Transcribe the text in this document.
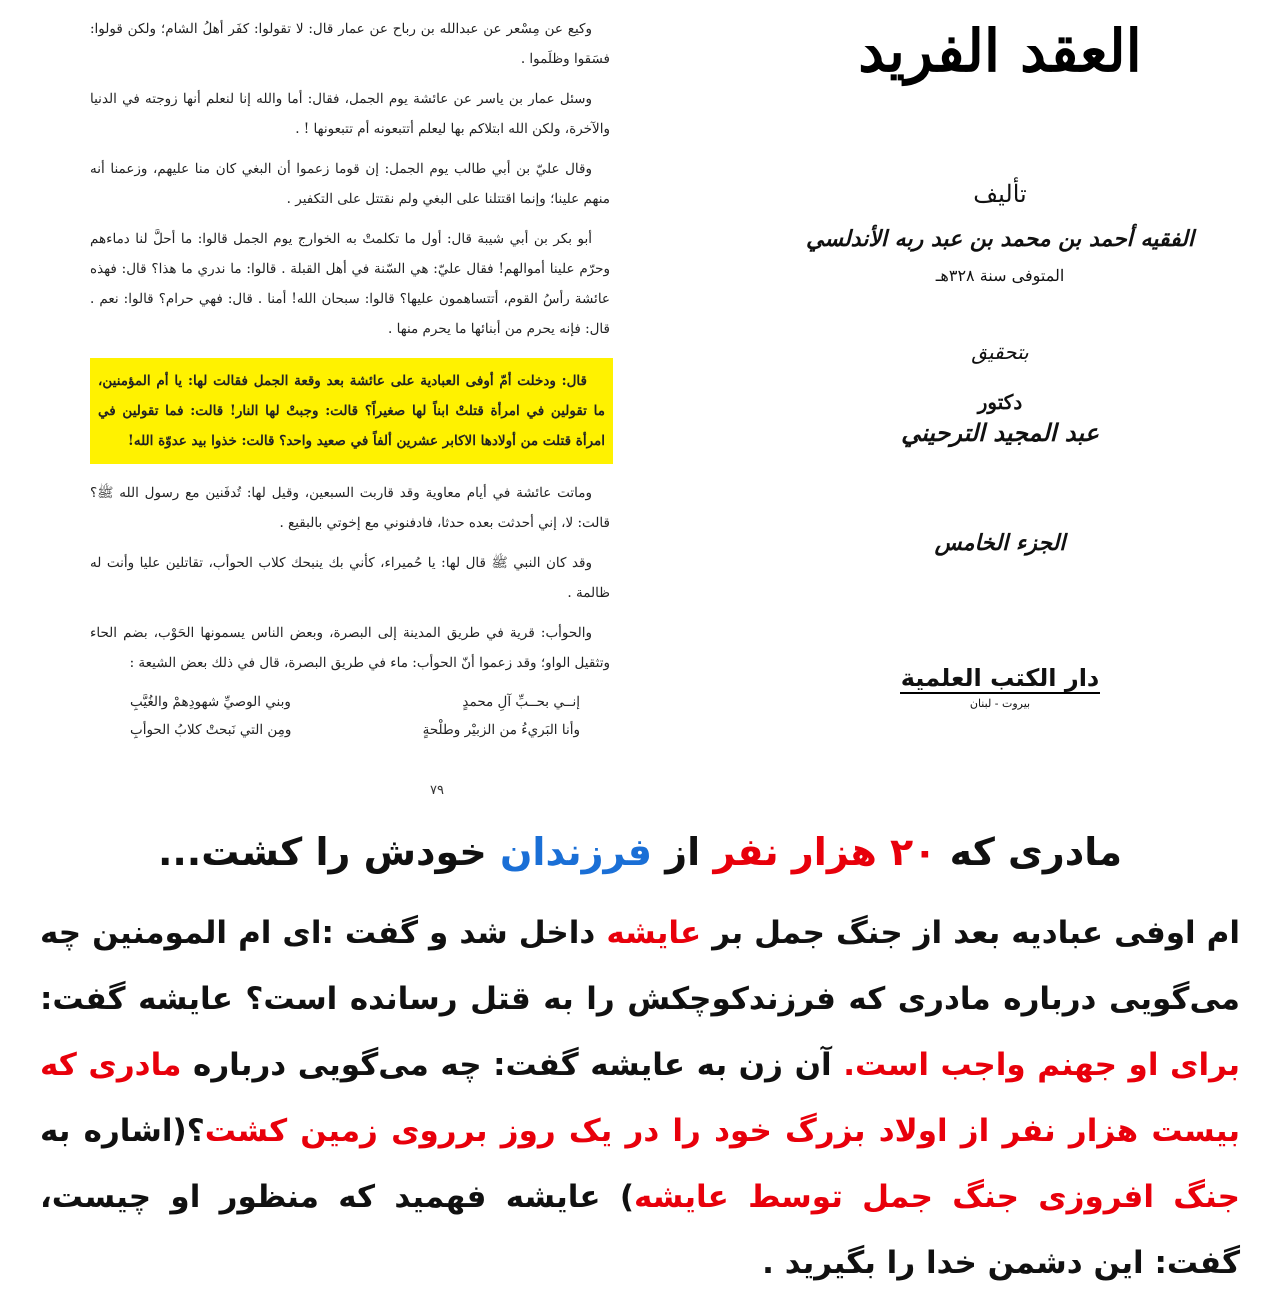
العقد الفريد
تأليف
الفقيه أحمد بن محمد بن عبد ربه الأندلسي
المتوفى سنة ٣٢٨هـ
بتحقيق
دكتور
عبد المجيد الترحيني
الجزء الخامس
دار الكتب العلمية
بيروت - لبنان

وكيع عن مِسْعر عن عبدالله بن رباح عن عمار قال: لا تقولوا: كفَر أهلُ الشام؛ ولكن قولوا: فسَقوا وظلَموا .

وسئل عمار بن ياسر عن عائشة يوم الجمل، فقال: أما والله إنا لنعلم أنها زوجته في الدنيا والآخرة، ولكن الله ابتلاكم بها ليعلم أتتبعونه أم تتبعونها ! .

وقال عليّ بن أبي طالب يوم الجمل: إن قوما زعموا أن البغي كان منا عليهم، وزعمنا أنه منهم علينا؛ وإنما اقتتلنا على البغي ولم نقتتل على التكفير .

أبو بكر بن أبي شيبة قال: أول ما تكلمتْ به الخوارج يوم الجمل قالوا: ما أحلَّ لنا دماءهم وحرّم علينا أموالهم! فقال عليّ: هي السّنة في أهل القبلة . قالوا: ما ندري ما هذا؟ قال: فهذه عائشة رأسُ القوم، أتتساهمون عليها؟ قالوا: سبحان الله! أمنا . قال: فهي حرام؟ قالوا: نعم . قال: فإنه يحرم من أبنائها ما يحرم منها .

قال: ودخلت أمّ أوفى العبادية على عائشة بعد وقعة الجمل فقالت لها: يا أم المؤمنين، ما تقولين في امرأة قتلتْ ابناً لها صغيراً؟ قالت: وجبتْ لها النار! قالت: فما تقولين في امرأة قتلت من أولادها الاكابر عشرين ألفاً في صعيد واحد؟ قالت: خذوا بيد عدوّة الله!

وماتت عائشة في أيام معاوية وقد قاربت السبعين، وقيل لها: تُدفَنين مع رسول الله ﷺ؟ قالت: لا، إني أحدثت بعده حدثا، فادفنوني مع إخوتي بالبقيع .

وقد كان النبي ﷺ قال لها: يا حُميراء، كأني بك ينبحك كلاب الحوأب، تقاتلين عليا وأنت له ظالمة .

والحوأب: قرية في طريق المدينة إلى البصرة، وبعض الناس يسمونها الحَوْب، بضم الحاء وتثقيل الواو؛ وقد زعموا أنّ الحوأب: ماء في طريق البصرة، قال في ذلك بعض الشيعة :

إنــي بحــبِّ آلِ محمدٍ
وبني الوصيِّ شهودِهمْ والغُيَّبِ
وأنا البَريءُ من الزبيْر وطلْحةٍ
ومِن التي نَبحتْ كلابُ الحوأبِ
٧٩
مادری که ۲۰ هزار نفر از فرزندان خودش را کشت...
ام اوفی عبادیه بعد از جنگ جمل بر عایشه داخل شد و گفت :ای ام المومنین چه می‌گویی درباره مادری که فرزندکوچکش را به قتل رسانده است؟ عایشه گفت: برای او جهنم واجب است. آن زن به عایشه گفت: چه می‌گویی درباره مادری که بیست هزار نفر از اولاد بزرگ خود را در یک روز برروی زمین کشت؟(اشاره به جنگ افروزی جنگ جمل توسط عایشه) عایشه فهمید که منظور او چیست، گفت: این دشمن خدا را بگیرید .
